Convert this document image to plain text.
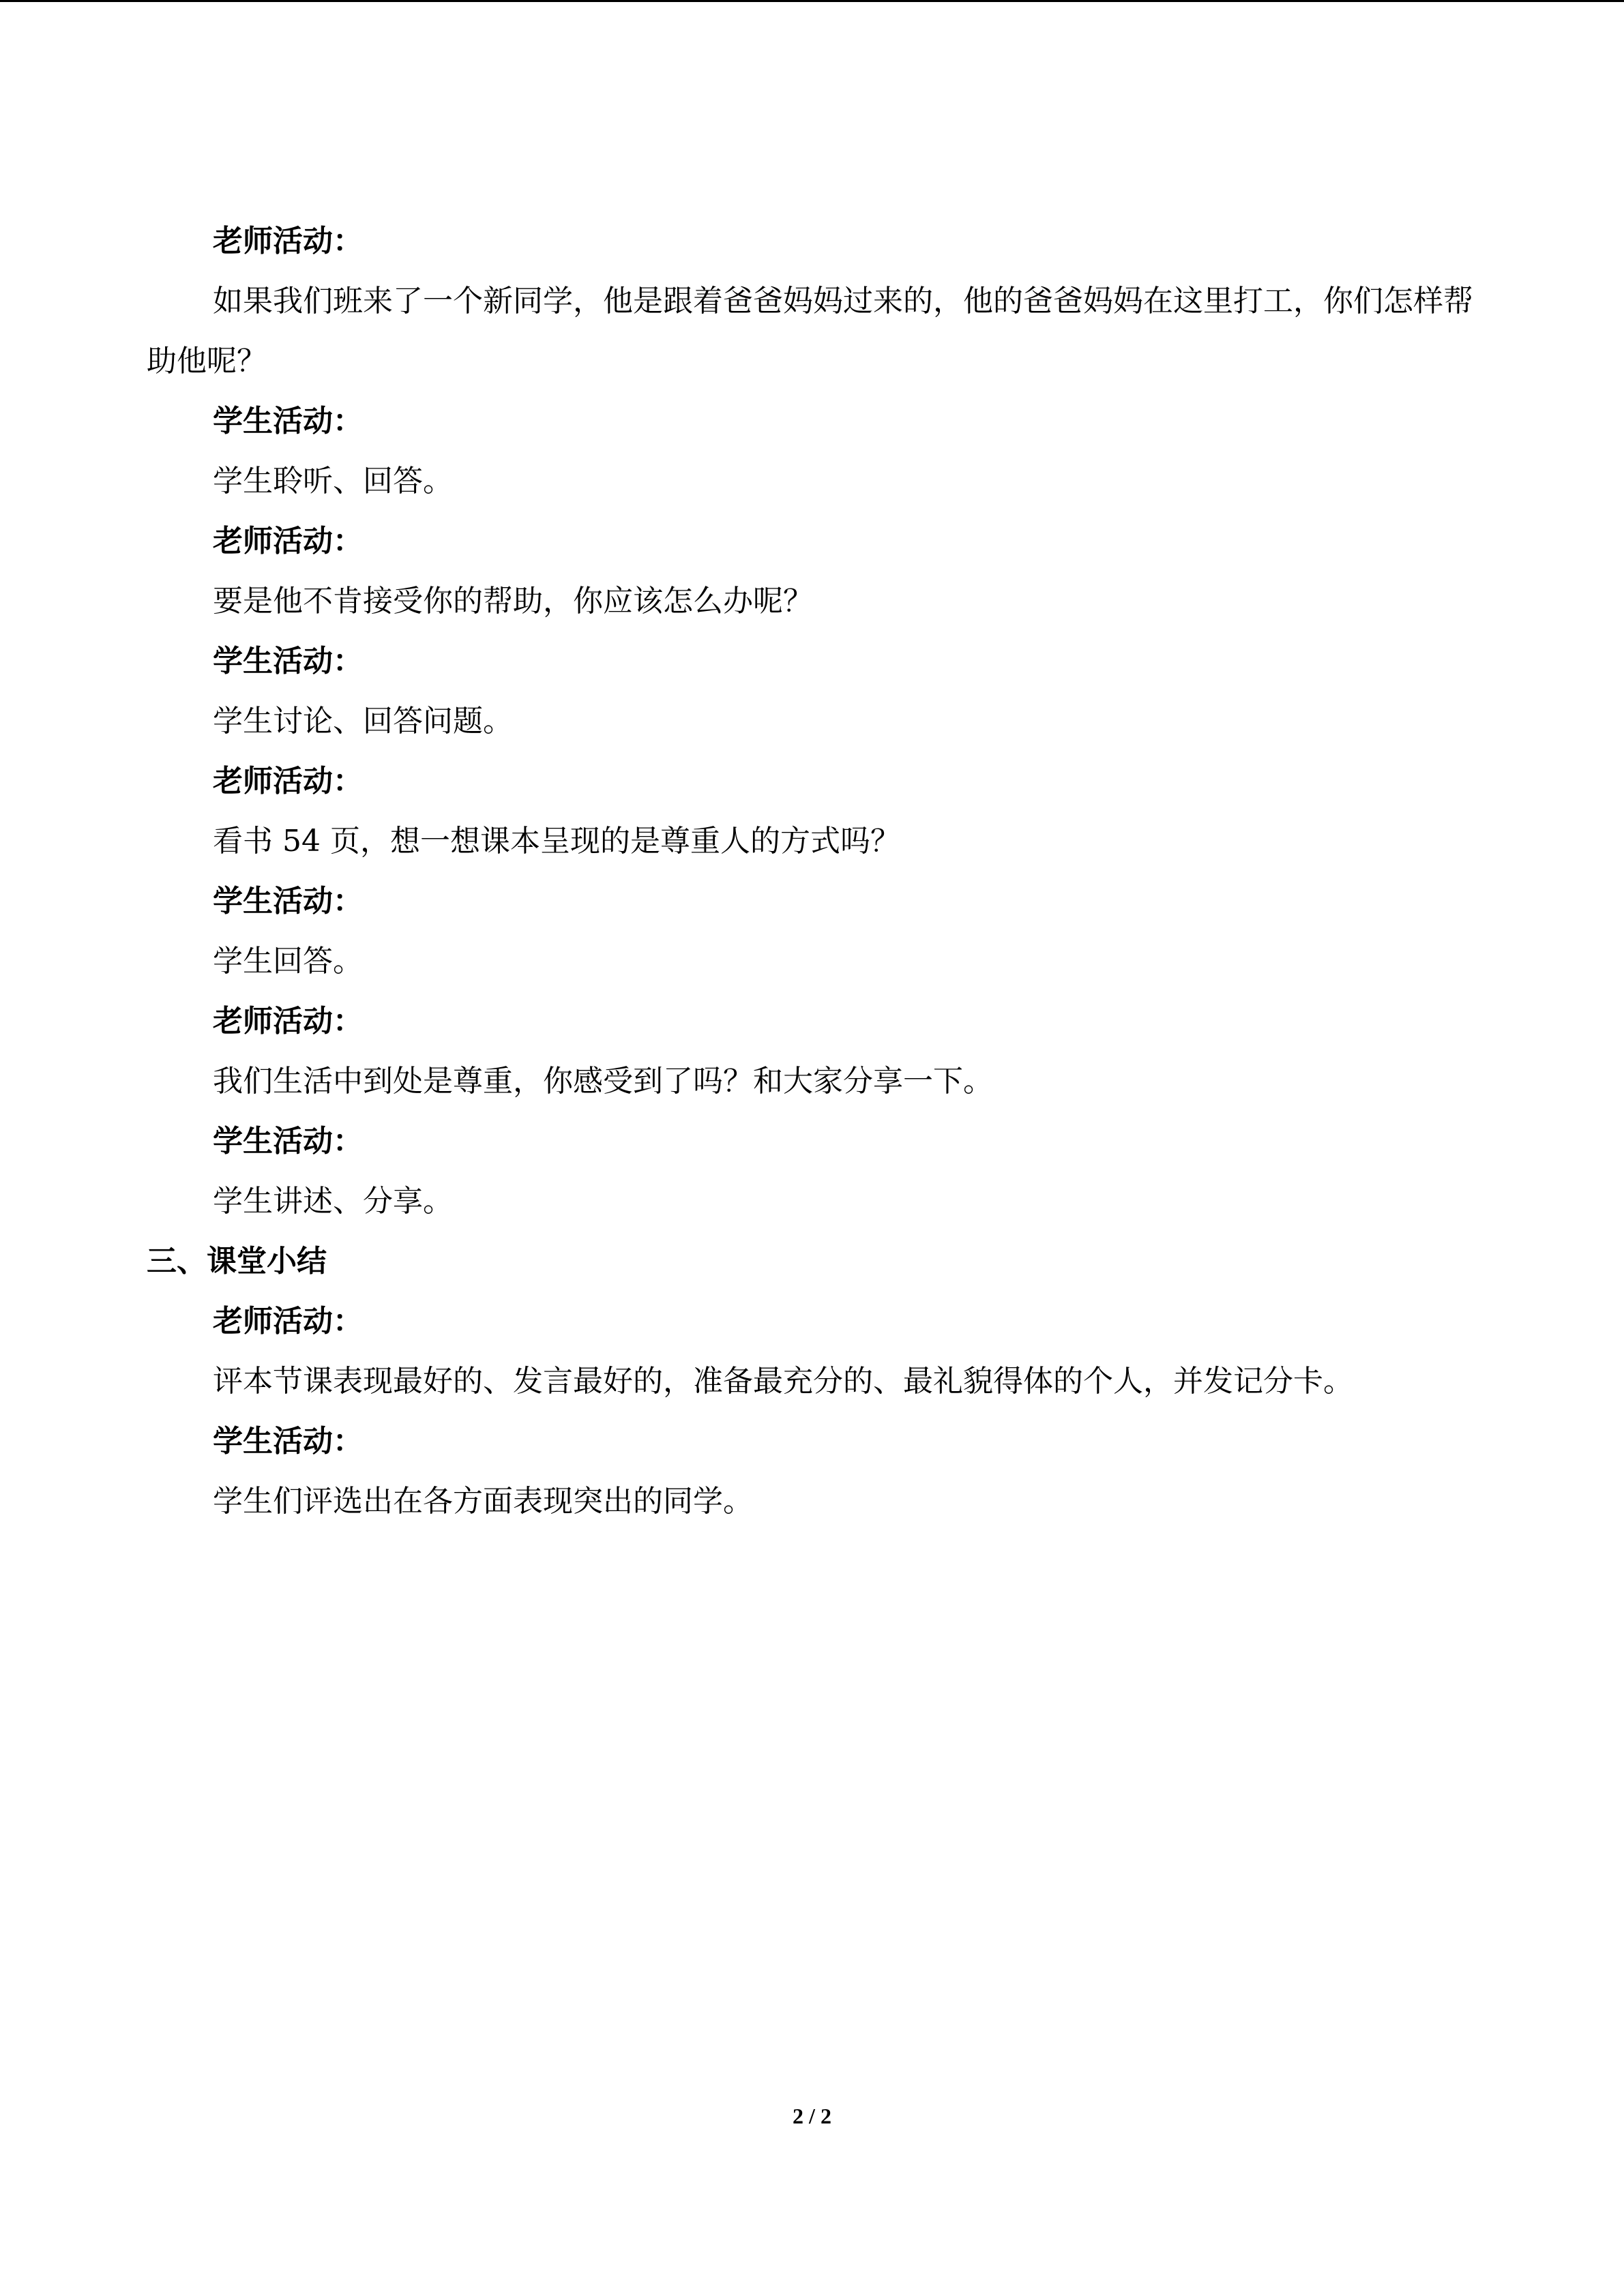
老师活动：

如果我们班来了一个新同学，他是跟着爸爸妈妈过来的，他的爸爸妈妈在这里打工，你们怎样帮助他呢？

学生活动：

学生聆听、回答。

老师活动：

要是他不肯接受你的帮助，你应该怎么办呢？

学生活动：

学生讨论、回答问题。

老师活动：

看书 54 页，想一想课本呈现的是尊重人的方式吗？

学生活动：

学生回答。

老师活动：

我们生活中到处是尊重，你感受到了吗？和大家分享一下。

学生活动：

学生讲述、分享。

三、课堂小结

老师活动：

评本节课表现最好的、发言最好的，准备最充分的、最礼貌得体的个人，并发记分卡。

学生活动：

学生们评选出在各方面表现突出的同学。

2 / 2
